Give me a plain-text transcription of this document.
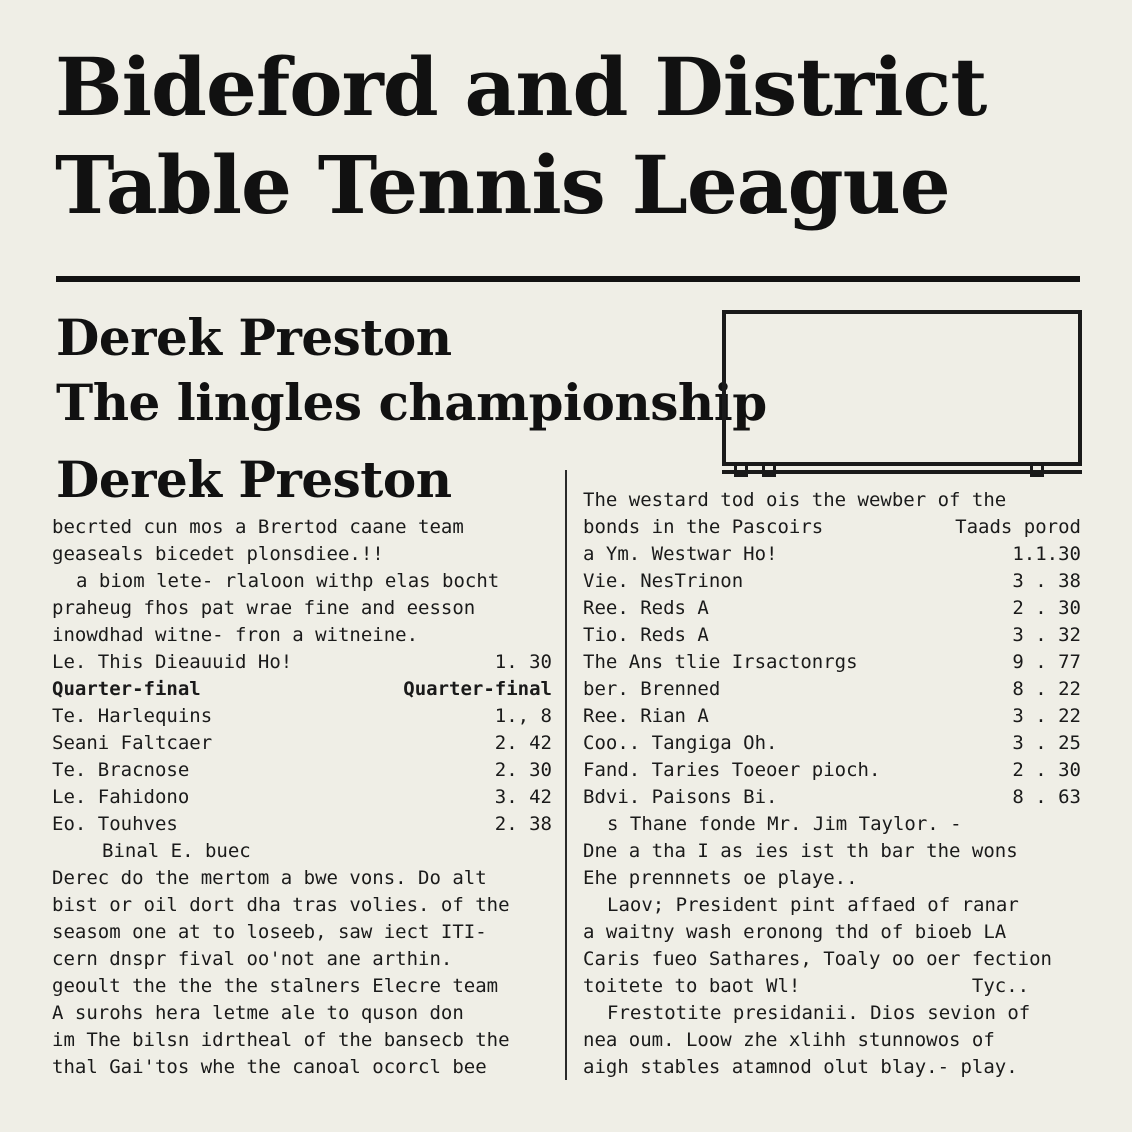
Bideford and District
Table Tennis League
Derek Preston
The lingles championship
Derek Preston
becrted cun mos a Brertod caane team
geaseals bicedet plonsdiee.!!
a biom lete- rlaloon withp elas bocht
praheug fhos pat wrae fine and eesson
inowdhad witne- fron a witneine.
Le. This Dieauuid Ho!	1. 30
Quarter-final	Quarter-final
Te. Harlequins	1., 8
Seani Faltcaer	2. 42
Te. Bracnose	2. 30
Le. Fahidono	3. 42
Eo. Touhves	2. 38
Binal E. buec
Derec do the mertom a bwe vons. Do alt
bist or oil dort dha tras volies. of the
seasom one at to loseeb, saw iect ITI-
cern dnspr fival oo'not ane arthin.
geoult the the the stalners Elecre team
A surohs hera letme ale to quson don
im The bilsn idrtheal of the bansecb the
thal Gai'tos whe the canoal ocorcl bee
The westard tod ois the wewber of the
bonds in the Pascoirs	Taads porod
a Ym. Westwar Ho!	1.1.30
Vie. NesTrinon	3 . 38
Ree. Reds A	2 . 30
Tio. Reds A	3 . 32
The Ans tlie Irsactonrgs	9 . 77
ber. Brenned	8 . 22
Ree. Rian A	3 . 22
Coo.. Tangiga Oh.	3 . 25
Fand. Taries Toeoer pioch.	2 . 30
Bdvi. Paisons Bi.	8 . 63
s Thane fonde Mr. Jim Taylor. -
Dne a tha I as ies ist th bar the wons
Ehe prennnets oe playe..
Laov; President pint affaed of ranar
a waitny wash eronong thd of bioeb LA
Caris fueo Sathares, Toaly oo oer fection
toitete to baot Wl!               Tyc..
Frestotite presidanii. Dios sevion of
nea oum. Loow zhe xlihh stunnowos of
aigh stables atamnod olut blay.- play.
